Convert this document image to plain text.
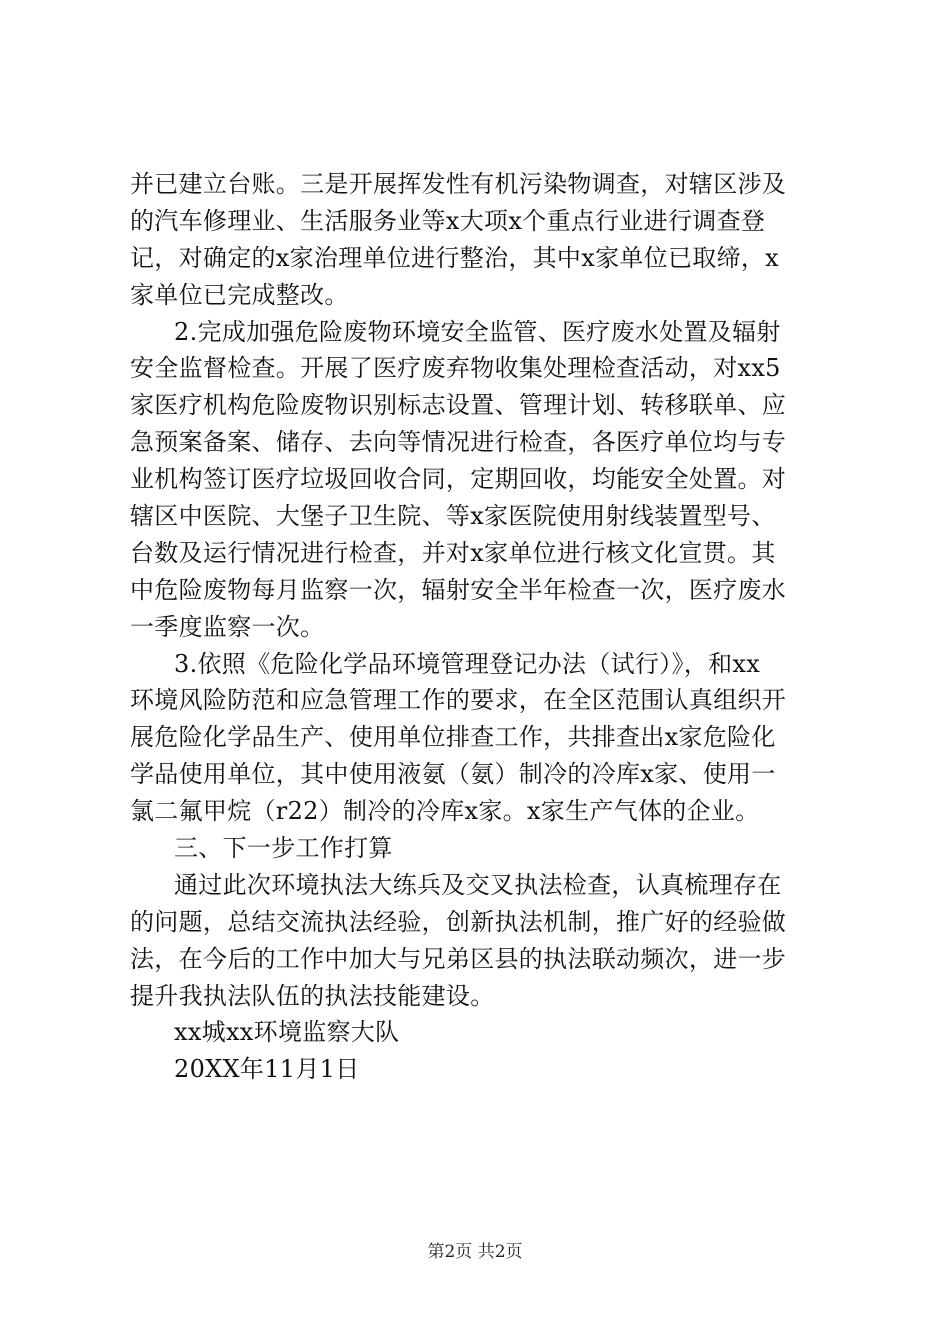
并已建立台账。三是开展挥发性有机污染物调查，对辖区涉及
的汽车修理业、生活服务业等x大项x个重点行业进行调查登
记，对确定的x家治理单位进行整治，其中x家单位已取缔，x
家单位已完成整改。
2.完成加强危险废物环境安全监管、医疗废水处置及辐射
安全监督检查。开展了医疗废弃物收集处理检查活动，对xx5
家医疗机构危险废物识别标志设置、管理计划、转移联单、应
急预案备案、储存、去向等情况进行检查，各医疗单位均与专
业机构签订医疗垃圾回收合同，定期回收，均能安全处置。对
辖区中医院、大堡子卫生院、等x家医院使用射线装置型号、
台数及运行情况进行检查，并对x家单位进行核文化宣贯。其
中危险废物每月监察一次，辐射安全半年检查一次，医疗废水
一季度监察一次。
3.依照《危险化学品环境管理登记办法（试行）》，和xx
环境风险防范和应急管理工作的要求，在全区范围认真组织开
展危险化学品生产、使用单位排查工作，共排查出x家危险化
学品使用单位，其中使用液氨（氨）制冷的冷库x家、使用一
氯二氟甲烷（r22）制冷的冷库x家。x家生产气体的企业。
三、下一步工作打算
通过此次环境执法大练兵及交叉执法检查，认真梳理存在
的问题，总结交流执法经验，创新执法机制，推广好的经验做
法，在今后的工作中加大与兄弟区县的执法联动频次，进一步
提升我执法队伍的执法技能建设。
xx城xx环境监察大队
20XX年11月1日
第2页 共2页
